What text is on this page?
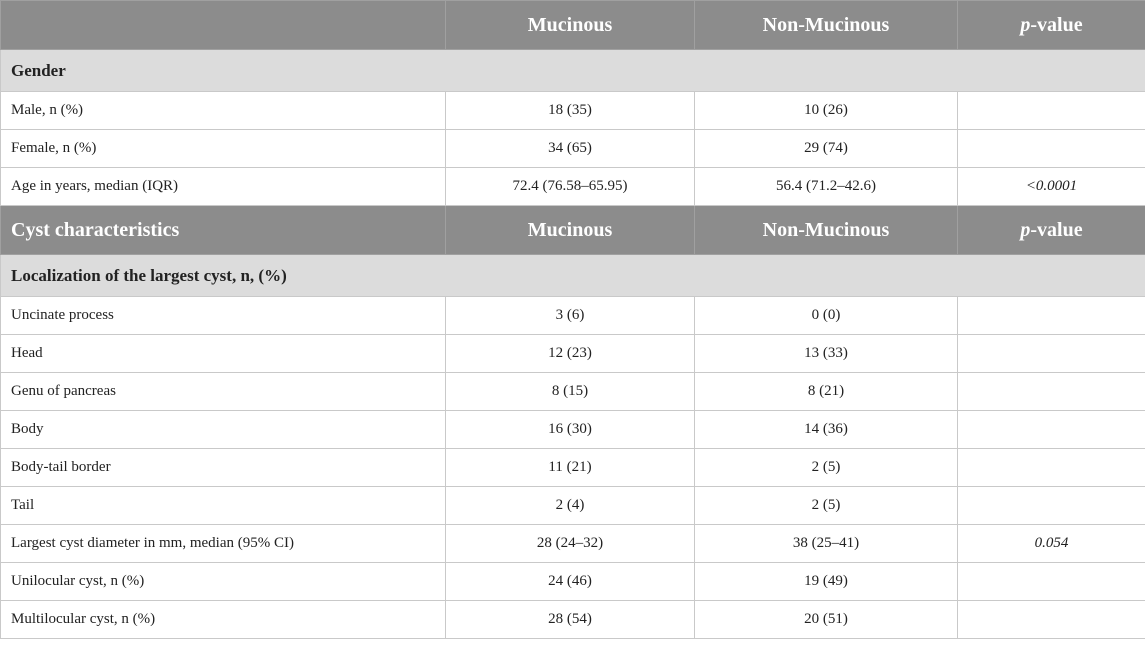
	Mucinous	Non-Mucinous	p-value
Gender			
Male, n (%)	18 (35)	10 (26)	
Female, n (%)	34 (65)	29 (74)	
Age in years, median (IQR)	72.4 (76.58–65.95)	56.4 (71.2–42.6)	<0.0001
Cyst characteristics	Mucinous	Non-Mucinous	p-value
Localization of the largest cyst, n, (%)			
Uncinate process	3 (6)	0 (0)	
Head	12 (23)	13 (33)	
Genu of pancreas	8 (15)	8 (21)	
Body	16 (30)	14 (36)	
Body-tail border	11 (21)	2 (5)	
Tail	2 (4)	2 (5)	
Largest cyst diameter in mm, median (95% CI)	28 (24–32)	38 (25–41)	0.054
Unilocular cyst, n (%)	24 (46)	19 (49)	
Multilocular cyst, n (%)	28 (54)	20 (51)	
